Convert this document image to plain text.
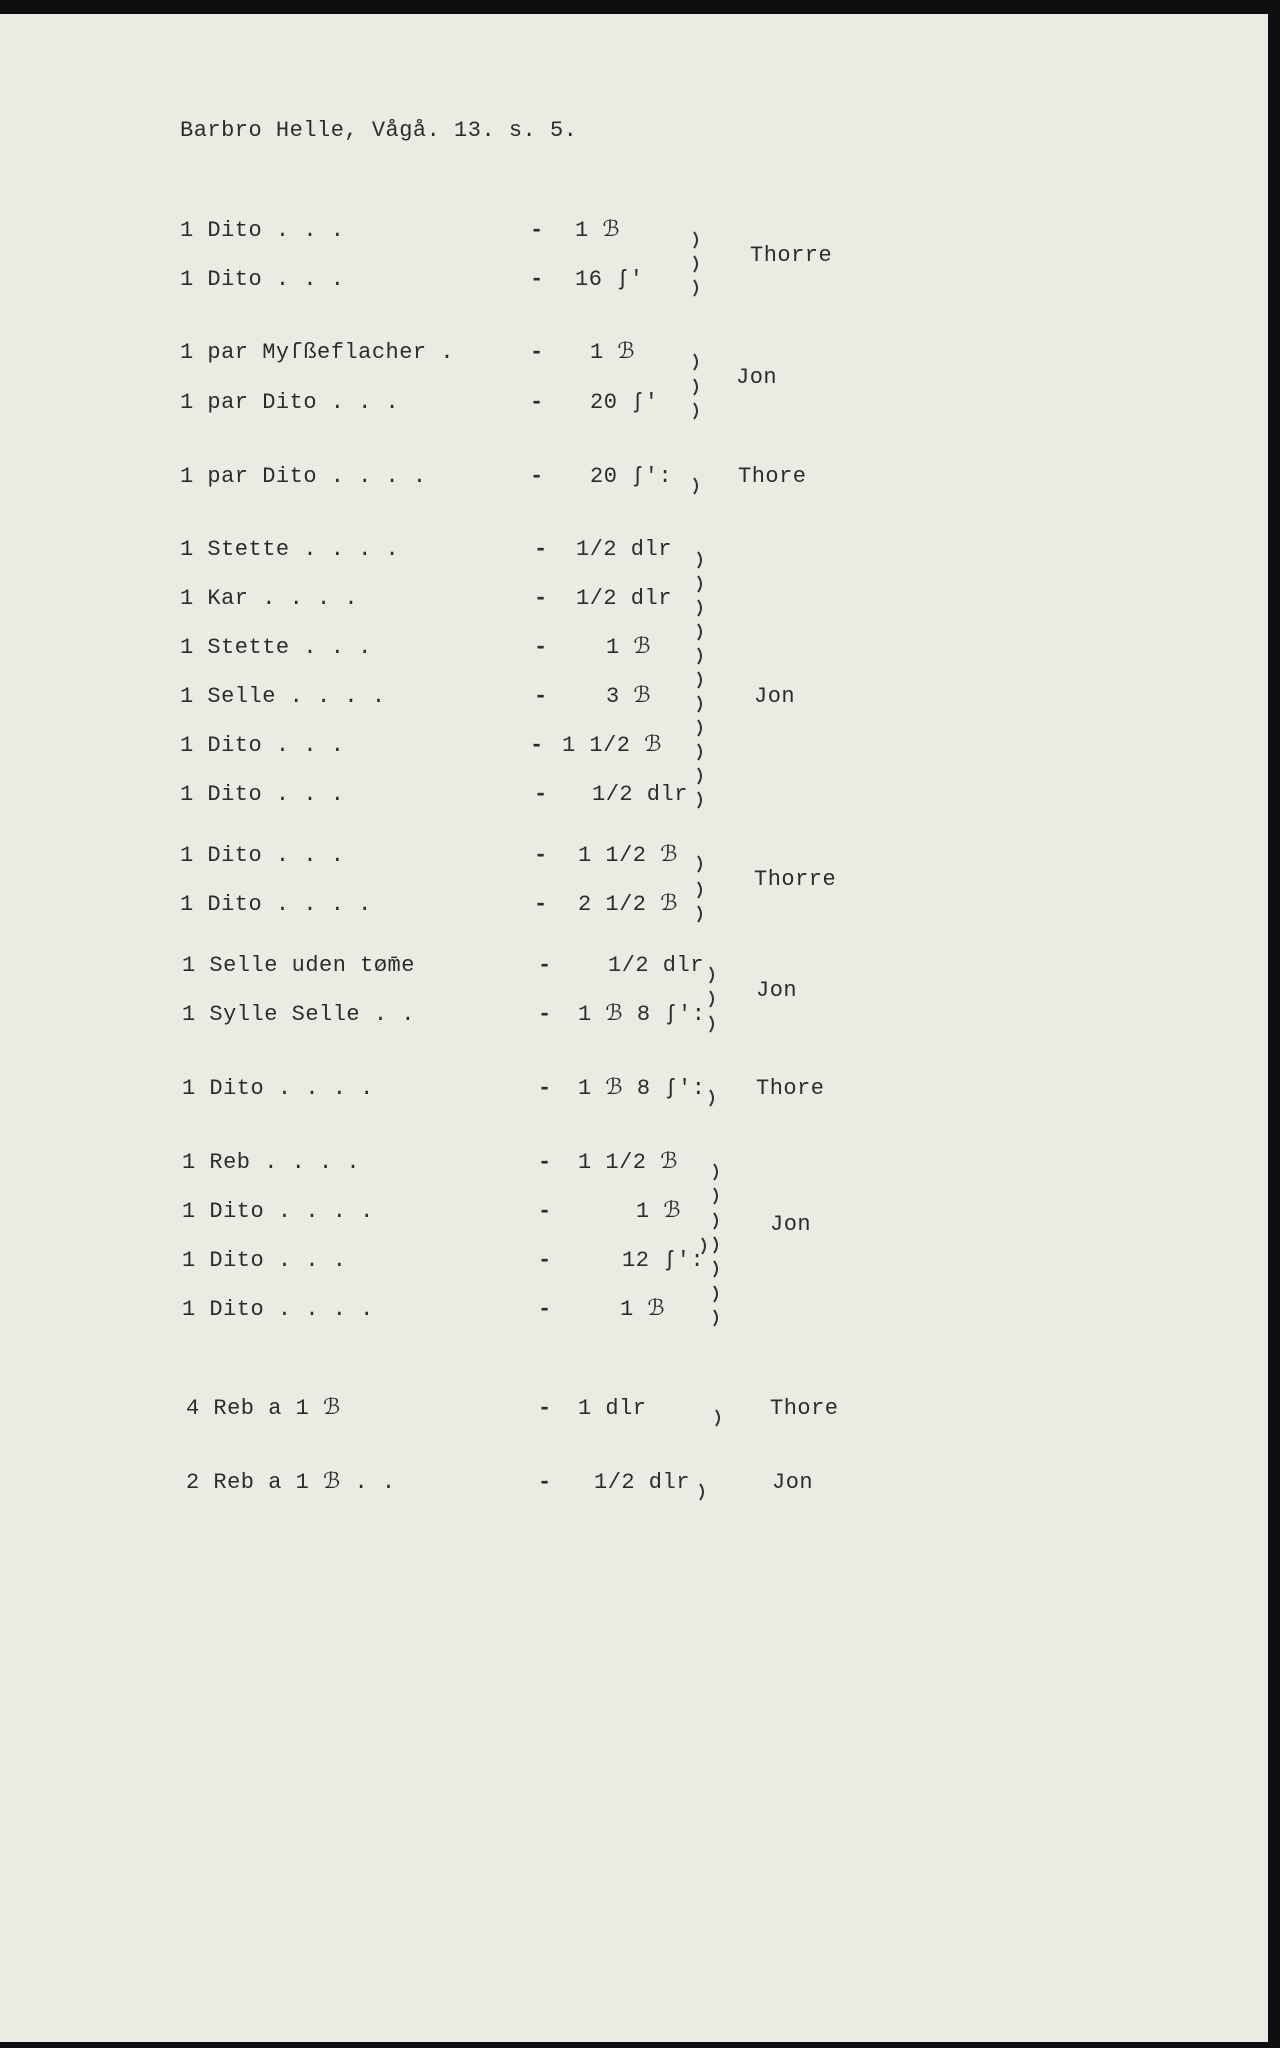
Barbro Helle, Vågå. 13. s. 5.
1 Dito . . .
1 Dito . . .
1 par Myſßeflacher .
1 par Dito . . .
1 par Dito . . . .
1 Stette . . . .
1 Kar . . . .
1 Stette . . .
1 Selle . . . .
1 Dito . . .
1 Dito . . .
1 Dito . . .
1 Dito . . . .
1 Selle uden tøm̄e
1 Sylle Selle . .
1 Dito . . . .
1 Reb . . . .
1 Dito . . . .
1 Dito . . .
1 Dito . . . .
4 Reb a 1 ℬ
2 Reb a 1 ℬ . .
-
-
-
-
-
-
-
-
-
-
-
-
-
-
-
-
-
-
-
-
-
-
1 ℬ
16 ʃ'
1 ℬ
20 ʃ'
20 ʃ':
1/2 dlr
1/2 dlr
1 ℬ
3 ℬ
1 1/2 ℬ
1/2 dlr
1 1/2 ℬ
2 1/2 ℬ
1/2 dlr
1 ℬ 8 ʃ':
1 ℬ 8 ʃ':
1 1/2 ℬ
1 ℬ
12 ʃ':
1 ℬ
1 dlr
1/2 dlr
Thorre
Jon
Thore
Jon
Thorre
Jon
Thore
Jon
Thore
Jon
